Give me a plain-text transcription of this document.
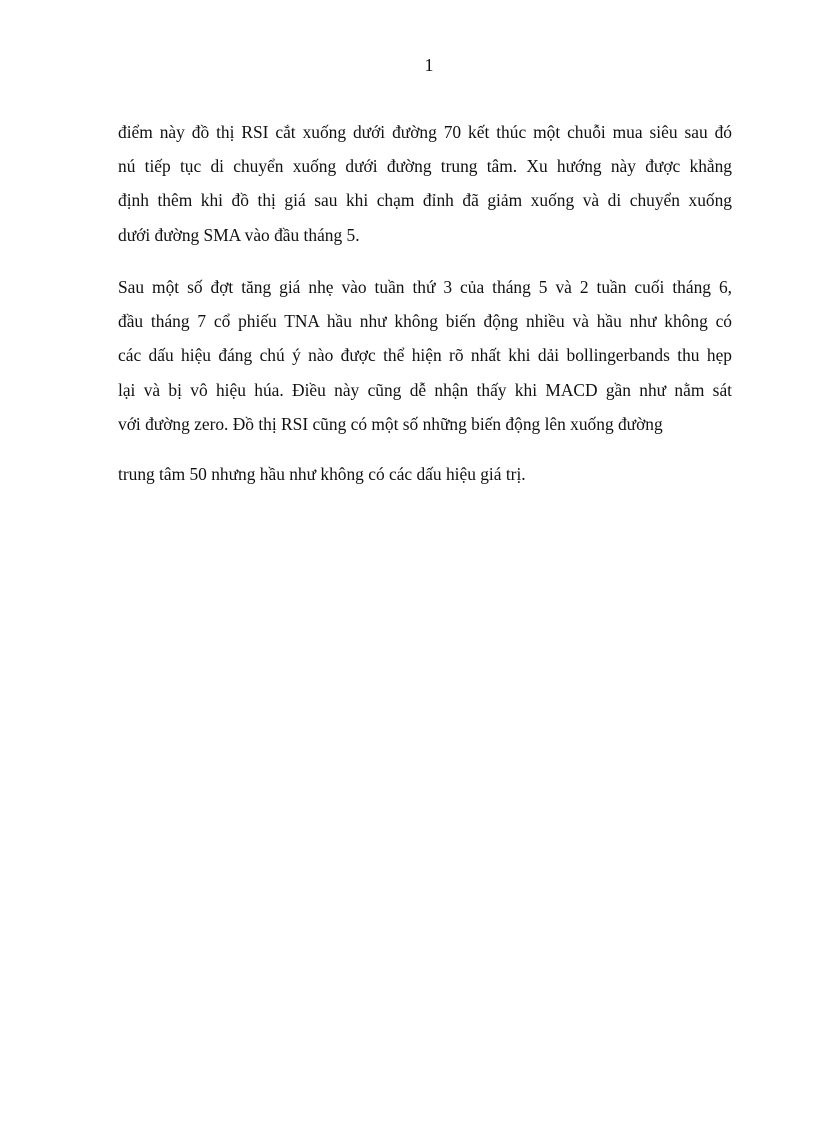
1
điểm này đồ thị RSI cắt xuống dưới đường 70 kết thúc một chuỗi mua siêu sau đó
nú tiếp tục di chuyển xuống dưới đường trung tâm. Xu hướng này được khẳng
định thêm khi đồ thị giá sau khi chạm đỉnh đã giảm xuống và di chuyển xuống
dưới đường SMA vào đầu tháng 5.
Sau một số đợt tăng giá nhẹ vào tuần thứ 3 của tháng 5 và 2 tuần cuối tháng 6,
đầu tháng 7 cổ phiếu TNA hầu như không biến động nhiều và hầu như không có
các dấu hiệu đáng chú ý nào được thể hiện rõ nhất khi dải bollingerbands thu hẹp
lại và bị vô hiệu húa. Điều này cũng dễ nhận thấy khi MACD gần như nằm sát
với đường zero. Đồ thị RSI cũng có một số những biến động lên xuống đường
trung tâm 50 nhưng hầu như không có các dấu hiệu giá trị.
